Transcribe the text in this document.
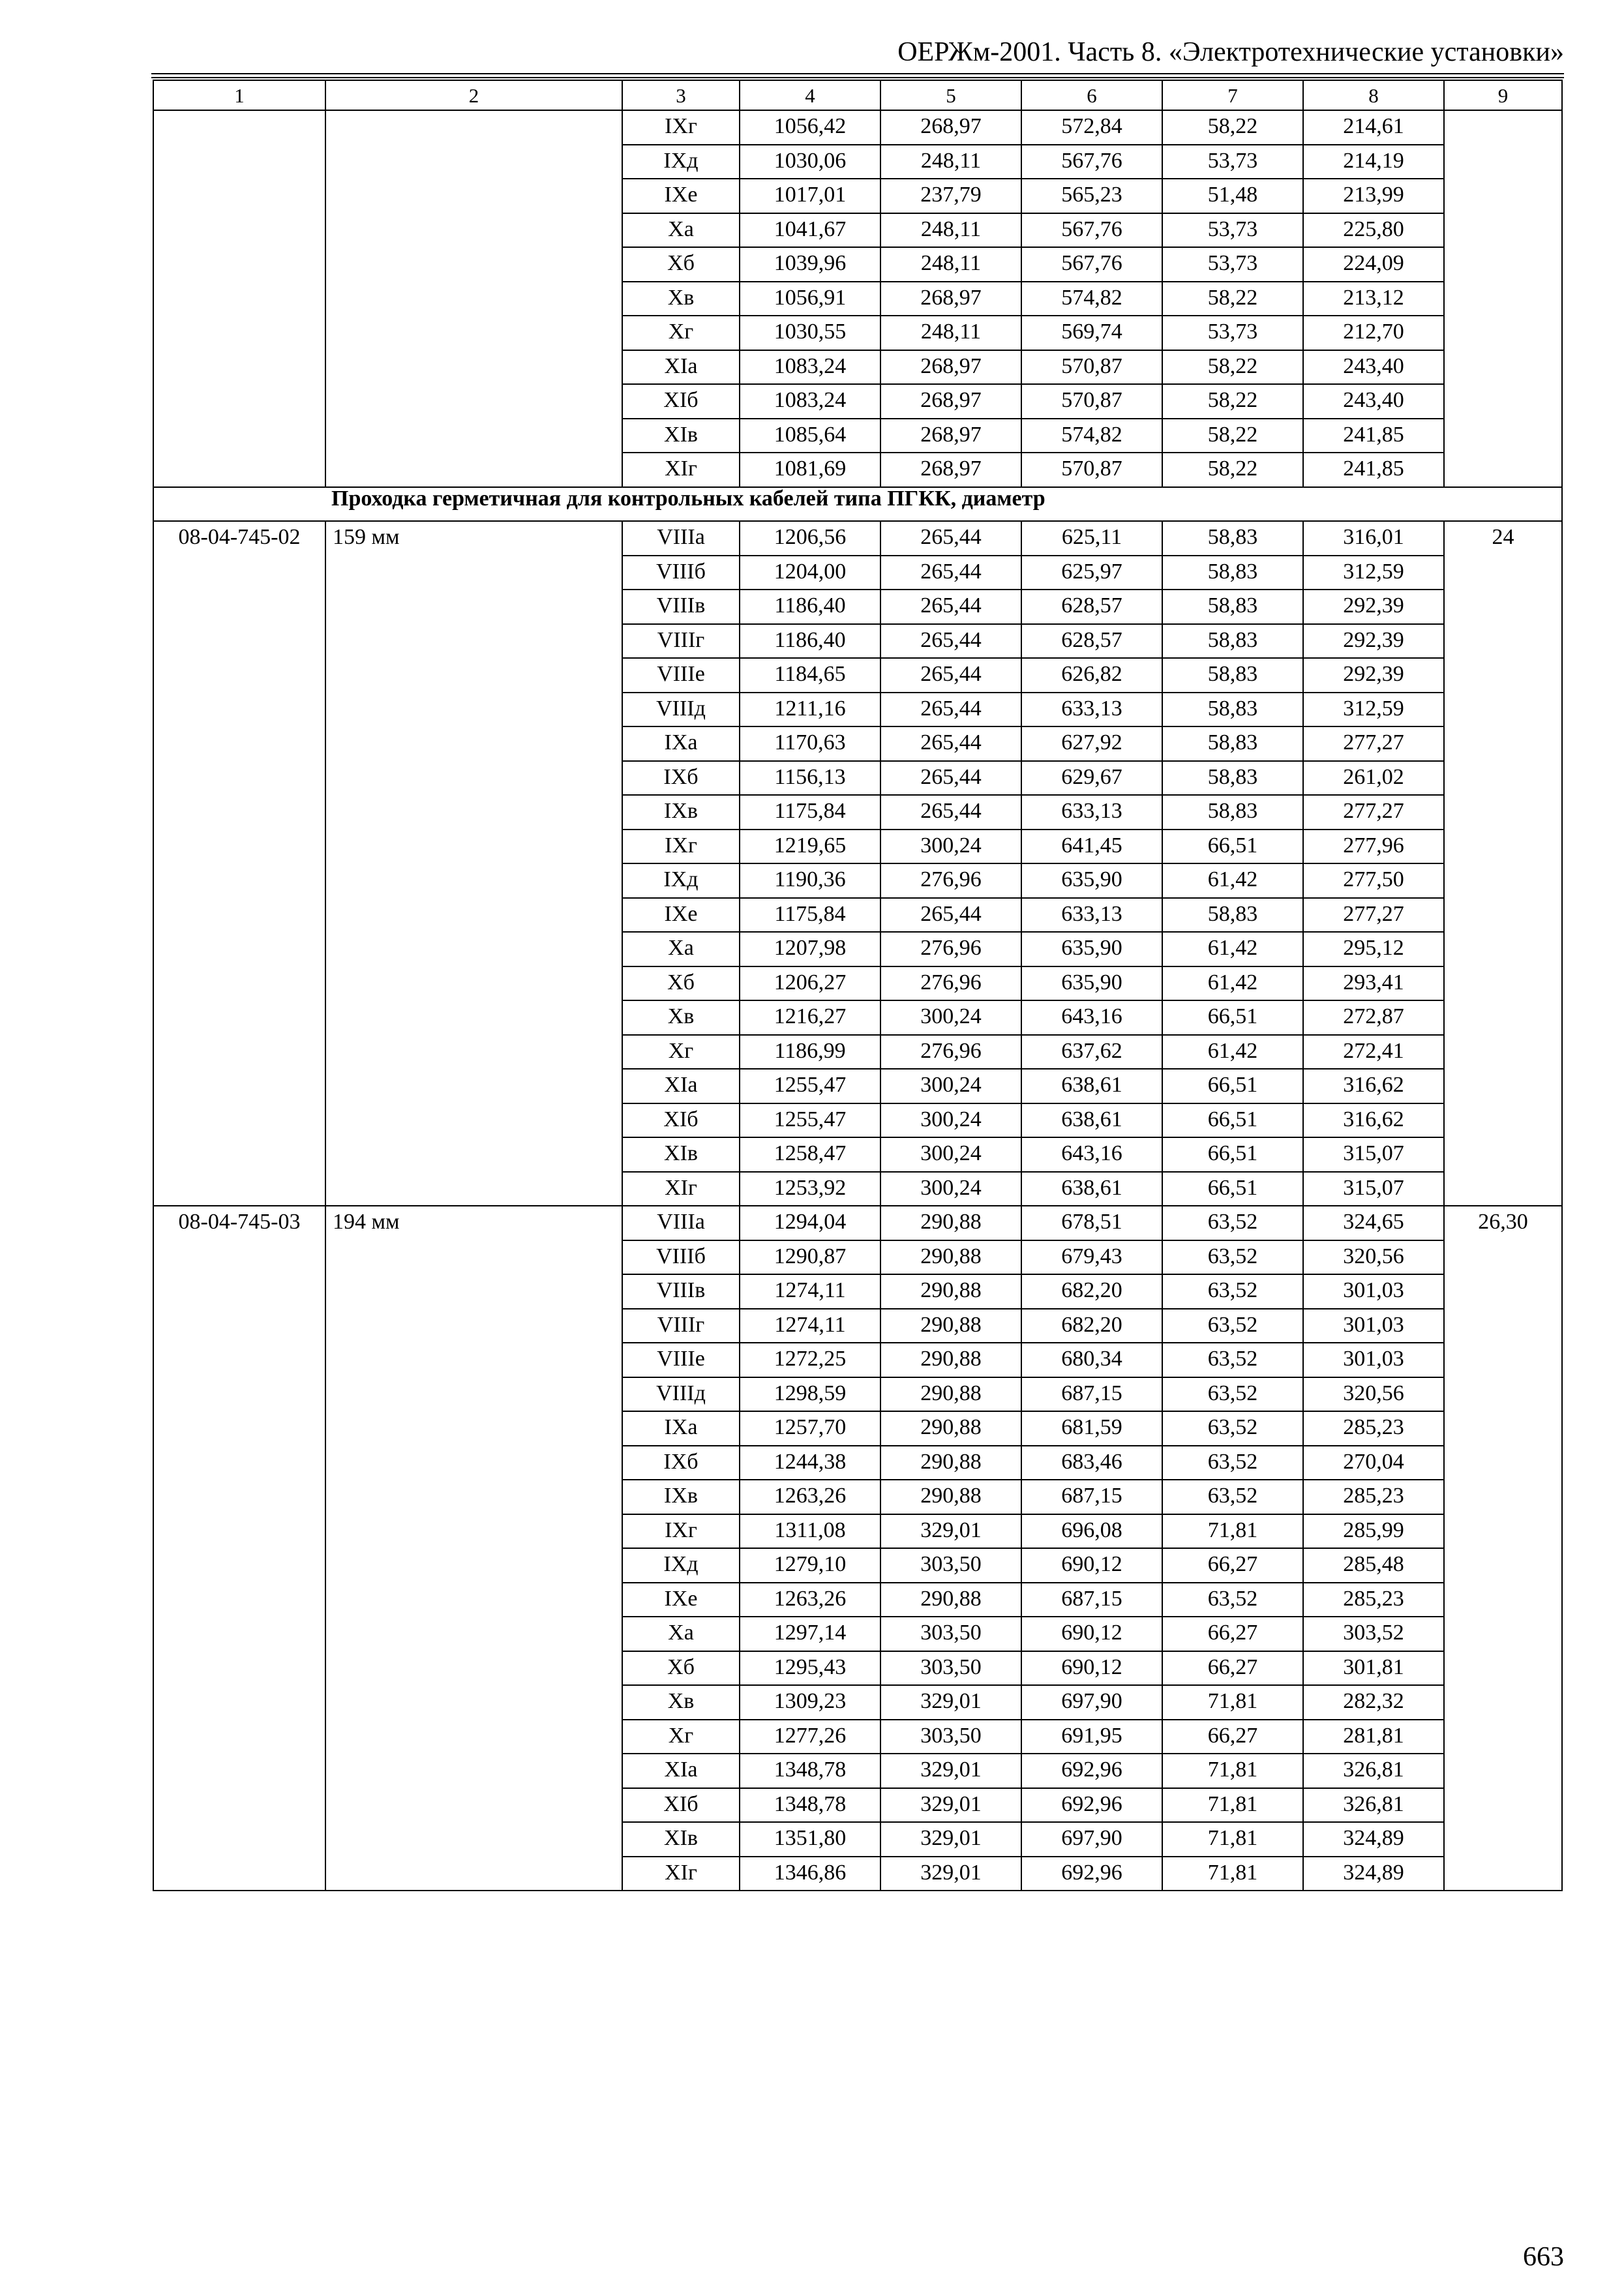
ОЕРЖм-2001. Часть 8. «Электротехнические установки»
1	2	3	4	5	6	7	8	9

		IXг	1056,42	268,97	572,84	58,22	214,61	

		IXд	1030,06	248,11	567,76	53,73	214,19	

		IXе	1017,01	237,79	565,23	51,48	213,99	

		Xа	1041,67	248,11	567,76	53,73	225,80	

		Xб	1039,96	248,11	567,76	53,73	224,09	

		Xв	1056,91	268,97	574,82	58,22	213,12	

		Xг	1030,55	248,11	569,74	53,73	212,70	

		XIа	1083,24	268,97	570,87	58,22	243,40	

		XIб	1083,24	268,97	570,87	58,22	243,40	

		XIв	1085,64	268,97	574,82	58,22	241,85	

		XIг	1081,69	268,97	570,87	58,22	241,85	

Проходка герметичная для контрольных кабелей типа ПГКК, диаметр								

08-04-745-02	159 мм	VIIIа	1206,56	265,44	625,11	58,83	316,01	24

		VIIIб	1204,00	265,44	625,97	58,83	312,59	

		VIIIв	1186,40	265,44	628,57	58,83	292,39	

		VIIIг	1186,40	265,44	628,57	58,83	292,39	

		VIIIе	1184,65	265,44	626,82	58,83	292,39	

		VIIIд	1211,16	265,44	633,13	58,83	312,59	

		IXа	1170,63	265,44	627,92	58,83	277,27	

		IXб	1156,13	265,44	629,67	58,83	261,02	

		IXв	1175,84	265,44	633,13	58,83	277,27	

		IXг	1219,65	300,24	641,45	66,51	277,96	

		IXд	1190,36	276,96	635,90	61,42	277,50	

		IXе	1175,84	265,44	633,13	58,83	277,27	

		Xа	1207,98	276,96	635,90	61,42	295,12	

		Xб	1206,27	276,96	635,90	61,42	293,41	

		Xв	1216,27	300,24	643,16	66,51	272,87	

		Xг	1186,99	276,96	637,62	61,42	272,41	

		XIа	1255,47	300,24	638,61	66,51	316,62	

		XIб	1255,47	300,24	638,61	66,51	316,62	

		XIв	1258,47	300,24	643,16	66,51	315,07	

		XIг	1253,92	300,24	638,61	66,51	315,07	

08-04-745-03	194 мм	VIIIа	1294,04	290,88	678,51	63,52	324,65	26,30

		VIIIб	1290,87	290,88	679,43	63,52	320,56	

		VIIIв	1274,11	290,88	682,20	63,52	301,03	

		VIIIг	1274,11	290,88	682,20	63,52	301,03	

		VIIIе	1272,25	290,88	680,34	63,52	301,03	

		VIIIд	1298,59	290,88	687,15	63,52	320,56	

		IXа	1257,70	290,88	681,59	63,52	285,23	

		IXб	1244,38	290,88	683,46	63,52	270,04	

		IXв	1263,26	290,88	687,15	63,52	285,23	

		IXг	1311,08	329,01	696,08	71,81	285,99	

		IXд	1279,10	303,50	690,12	66,27	285,48	

		IXе	1263,26	290,88	687,15	63,52	285,23	

		Xа	1297,14	303,50	690,12	66,27	303,52	

		Xб	1295,43	303,50	690,12	66,27	301,81	

		Xв	1309,23	329,01	697,90	71,81	282,32	

		Xг	1277,26	303,50	691,95	66,27	281,81	

		XIа	1348,78	329,01	692,96	71,81	326,81	

		XIб	1348,78	329,01	692,96	71,81	326,81	

		XIв	1351,80	329,01	697,90	71,81	324,89	

		XIг	1346,86	329,01	692,96	71,81	324,89	
663
